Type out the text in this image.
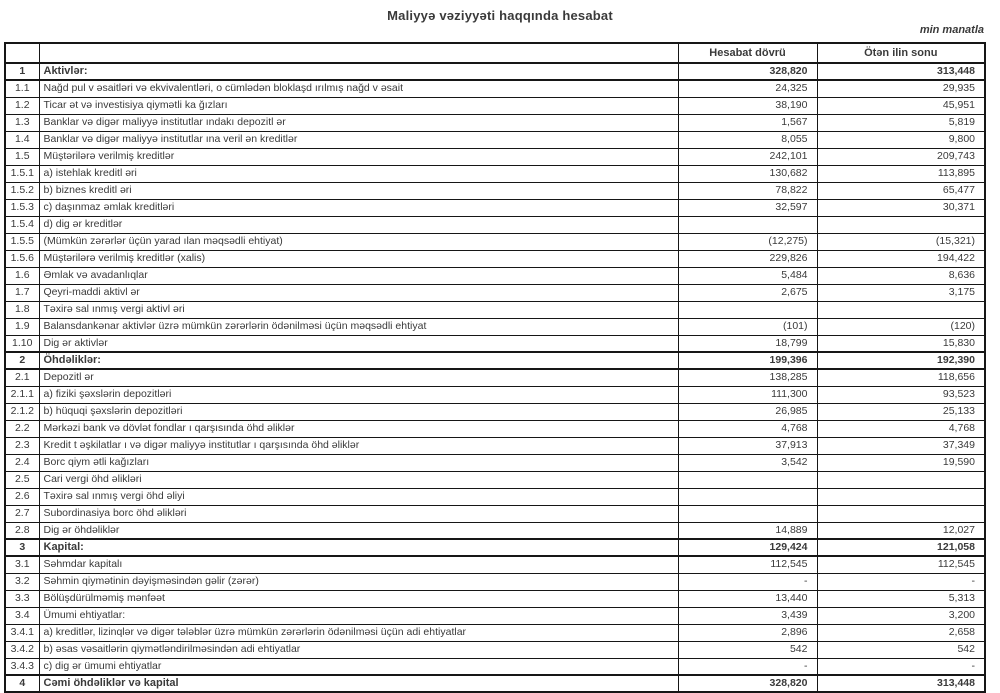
Maliyyə vəziyyəti haqqında hesabat
min manatla
		Hesabat dövrü	Ötən ilin sonu
1	Aktivlər:	328,820	313,448
1.1	Nağd pul v əsaitləri və ekvivalentləri, o cümlədən bloklaşd ırılmış nağd v əsait	24,325	29,935
1.2	Ticar ət və investisiya qiymətli ka ğızları	38,190	45,951
1.3	Banklar və digər maliyyə institutlar ındakı depozitl ər	1,567	5,819
1.4	Banklar və digər maliyyə institutlar ına veril ən kreditlər	8,055	9,800
1.5	Müştərilərə verilmiş kreditlər	242,101	209,743
1.5.1	a) istehlak kreditl əri	130,682	113,895
1.5.2	b) biznes kreditl əri	78,822	65,477
1.5.3	c) daşınmaz əmlak kreditləri	32,597	30,371
1.5.4	d) dig ər kreditlər		
1.5.5	(Mümkün zərərlər üçün yarad ılan məqsədli ehtiyat)	(12,275)	(15,321)
1.5.6	Müştərilərə verilmiş kreditlər (xalis)	229,826	194,422
1.6	Əmlak və avadanlıqlar	5,484	8,636
1.7	Qeyri-maddi aktivl ər	2,675	3,175
1.8	Təxirə sal ınmış vergi aktivl əri		
1.9	Balansdankənar aktivlər üzrə mümkün zərərlərin ödənilməsi üçün məqsədli ehtiyat	(101)	(120)
1.10	Dig ər aktivlər	18,799	15,830
2	Öhdəliklər:	199,396	192,390
2.1	Depozitl ər	138,285	118,656
2.1.1	a) fiziki şəxslərin depozitləri	111,300	93,523
2.1.2	b) hüquqi şəxslərin depozitləri	26,985	25,133
2.2	Mərkəzi bank və dövlət fondlar ı qarşısında öhd əliklər	4,768	4,768
2.3	Kredit t əşkilatlar ı və digər maliyyə institutlar ı qarşısında öhd əliklər	37,913	37,349
2.4	Borc qiym ətli kağızları	3,542	19,590
2.5	Cari vergi öhd əlikləri		
2.6	Təxirə sal ınmış vergi öhd əliyi		
2.7	Subordinasiya borc öhd əlikləri		
2.8	Dig ər öhdəliklər	14,889	12,027
3	Kapital:	129,424	121,058
3.1	Səhmdar kapitalı	112,545	112,545
3.2	Səhmin qiymətinin dəyişməsindən gəlir (zərər)	-	-
3.3	Bölüşdürülməmiş mənfəət	13,440	5,313
3.4	Ümumi ehtiyatlar:	3,439	3,200
3.4.1	a) kreditlər, lizinqlər və digər tələblər üzrə mümkün zərərlərin ödənilməsi üçün adi ehtiyatlar	2,896	2,658
3.4.2	b) əsas vəsaitlərin qiymətləndirilməsindən adi ehtiyatlar	542	542
3.4.3	c) dig ər ümumi ehtiyatlar	-	-
4	Cəmi öhdəliklər və kapital	328,820	313,448
